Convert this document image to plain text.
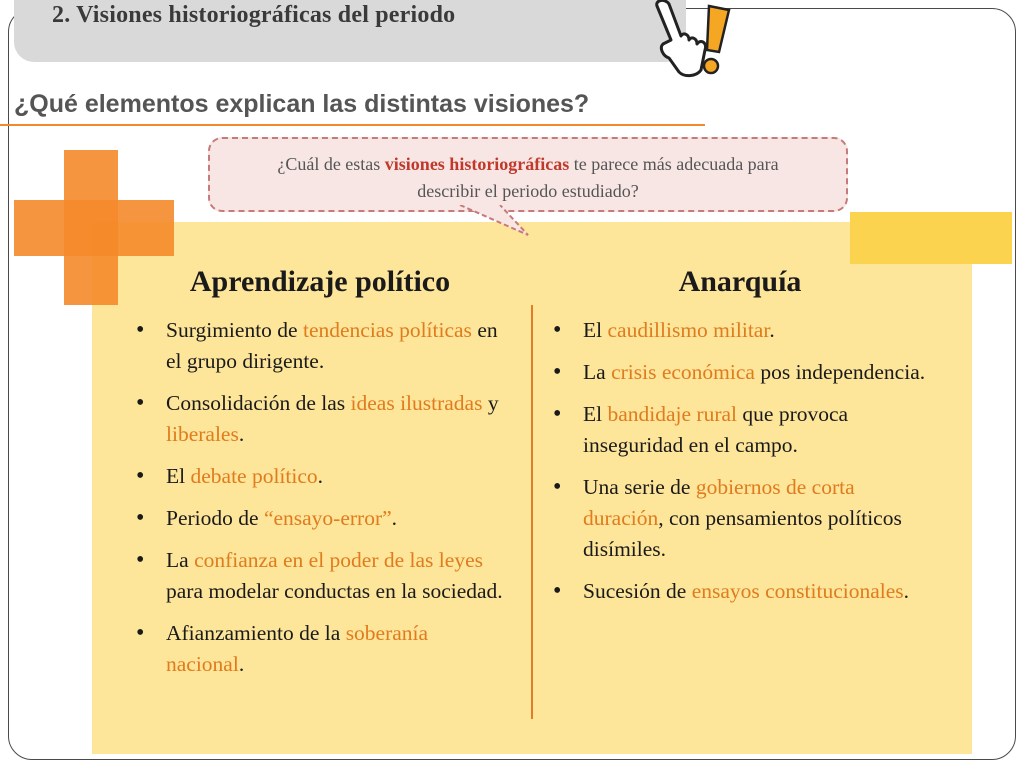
2. Visiones historiográficas del periodo
¿Qué elementos explican las distintas visiones?
¿Cuál de estas visiones historiográficas te parece más adecuada para
describir el periodo estudiado?
Aprendizaje político	Anarquía
• Surgimiento de tendencias políticas en el grupo dirigente.
• Consolidación de las ideas ilustradas y liberales.
• El debate político.
• Periodo de “ensayo-error”.
• La confianza en el poder de las leyes para modelar conductas en la sociedad.
• Afianzamiento de la soberanía nacional.
• El caudillismo militar.
• La crisis económica pos independencia.
• El bandidaje rural que provoca inseguridad en el campo.
• Una serie de gobiernos de corta duración, con pensamientos políticos disímiles.
• Sucesión de ensayos constitucionales.
